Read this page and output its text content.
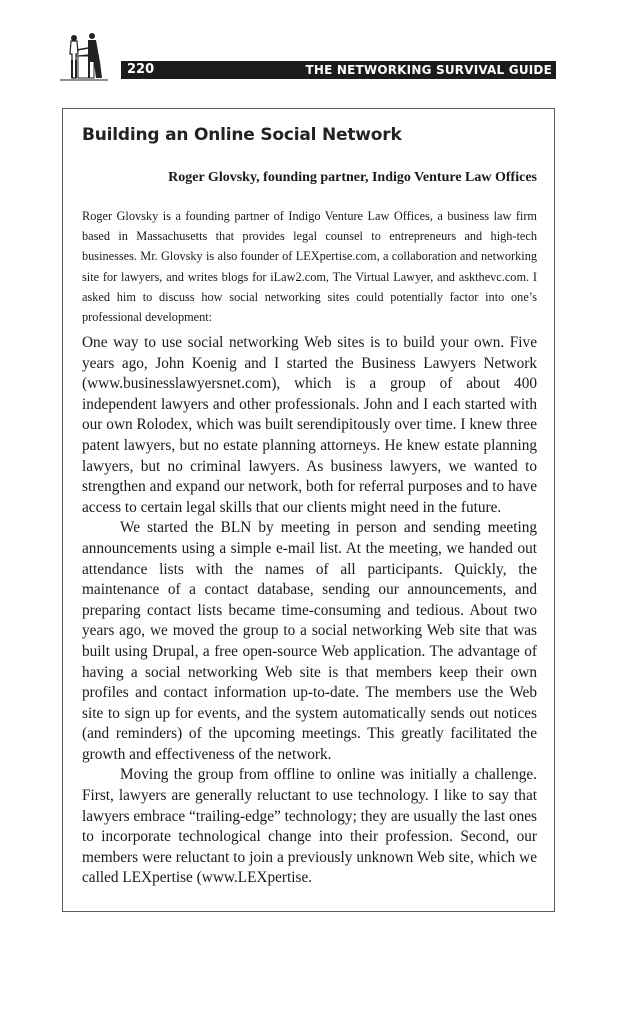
220	THE NETWORKING SURVIVAL GUIDE
Building an Online Social Network
Roger Glovsky, founding partner, Indigo Venture Law Offices
Roger Glovsky is a founding partner of Indigo Venture Law Offices, a business law firm based in Massachusetts that provides legal counsel to entrepreneurs and high-tech businesses. Mr. Glovsky is also founder of LEXpertise.com, a collaboration and networking site for lawyers, and writes blogs for iLaw2.com, The Virtual Lawyer, and askthevc.com. I asked him to discuss how social networking sites could potentially factor into one’s professional development:

One way to use social networking Web sites is to build your own. Five years ago, John Koenig and I started the Business Lawyers Network (www.businesslawyersnet.com), which is a group of about 400 independent lawyers and other professionals. John and I each started with our own Rolodex, which was built serendipitously over time. I knew three patent lawyers, but no estate planning attorneys. He knew estate planning lawyers, but no criminal lawyers. As business lawyers, we wanted to strengthen and expand our network, both for referral purposes and to have access to certain legal skills that our clients might need in the future.

We started the BLN by meeting in person and sending meeting announcements using a simple e-mail list. At the meeting, we handed out attendance lists with the names of all participants. Quickly, the maintenance of a contact database, sending our announcements, and preparing contact lists became time-consuming and tedious. About two years ago, we moved the group to a social networking Web site that was built using Drupal, a free open-source Web application. The advantage of having a social networking Web site is that members keep their own profiles and contact information up-to-date. The members use the Web site to sign up for events, and the system automatically sends out notices (and reminders) of the upcoming meetings. This greatly facilitated the growth and effectiveness of the network.

Moving the group from offline to online was initially a challenge. First, lawyers are generally reluctant to use technology. I like to say that lawyers embrace “trailing-edge” technology; they are usually the last ones to incorporate technological change into their profession. Second, our members were reluctant to join a previously unknown Web site, which we called LEXpertise (www.LEXpertise.
